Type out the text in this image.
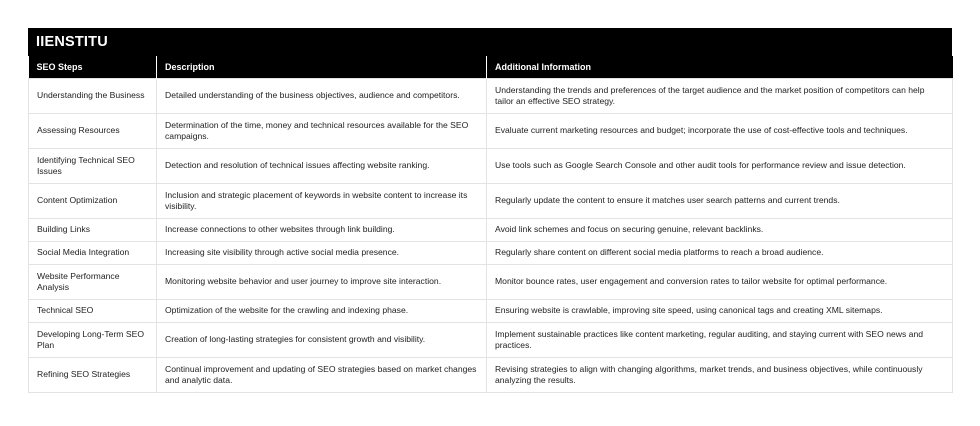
IIENSTITU
SEO Steps	Description	Additional Information
Understanding the Business	Detailed understanding of the business objectives, audience and competitors.	Understanding the trends and preferences of the target audience and the market position of competitors can help tailor an effective SEO strategy.
Assessing Resources	Determination of the time, money and technical resources available for the SEO campaigns.	Evaluate current marketing resources and budget; incorporate the use of cost-effective tools and techniques.
Identifying Technical SEO Issues	Detection and resolution of technical issues affecting website ranking.	Use tools such as Google Search Console and other audit tools for performance review and issue detection.
Content Optimization	Inclusion and strategic placement of keywords in website content to increase its visibility.	Regularly update the content to ensure it matches user search patterns and current trends.
Building Links	Increase connections to other websites through link building.	Avoid link schemes and focus on securing genuine, relevant backlinks.
Social Media Integration	Increasing site visibility through active social media presence.	Regularly share content on different social media platforms to reach a broad audience.
Website Performance Analysis	Monitoring website behavior and user journey to improve site interaction.	Monitor bounce rates, user engagement and conversion rates to tailor website for optimal performance.
Technical SEO	Optimization of the website for the crawling and indexing phase.	Ensuring website is crawlable, improving site speed, using canonical tags and creating XML sitemaps.
Developing Long-Term SEO Plan	Creation of long-lasting strategies for consistent growth and visibility.	Implement sustainable practices like content marketing, regular auditing, and staying current with SEO news and practices.
Refining SEO Strategies	Continual improvement and updating of SEO strategies based on market changes and analytic data.	Revising strategies to align with changing algorithms, market trends, and business objectives, while continuously analyzing the results.
